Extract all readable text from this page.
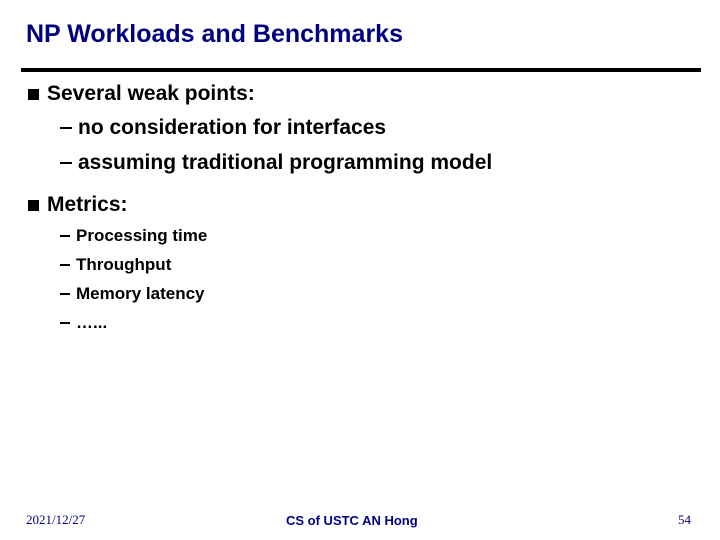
NP Workloads and Benchmarks
Several weak points:
no consideration for interfaces
assuming traditional programming model
Metrics:
Processing time
Throughput
Memory latency
…...
2021/12/27	CS of USTC AN Hong	54
